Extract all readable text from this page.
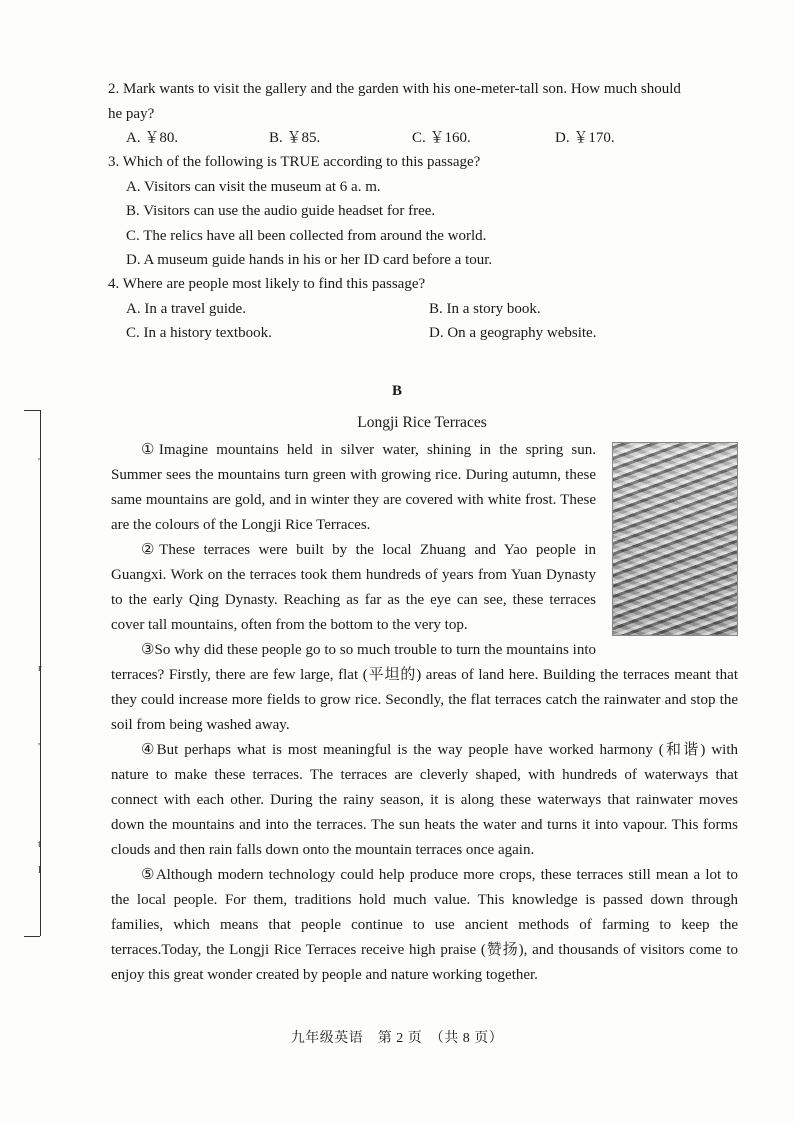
2. Mark wants to visit the gallery and the garden with his one-meter-tall son. How much should

he pay?

A. ￥80.	B. ￥85.	C. ￥160.	D. ￥170.

3. Which of the following is TRUE according to this passage?

A. Visitors can visit the museum at 6 a. m.
B. Visitors can use the audio guide headset for free.
C. The relics have all been collected from around the world.
D. A museum guide hands in his or her ID card before a tour.

4. Where are people most likely to find this passage?

A. In a travel guide.	B. In a story book.
C. In a history textbook.	D. On a geography website.
B
Longji Rice Terraces

①Imagine mountains held in silver water, shining in the spring sun. Summer sees the mountains turn green with growing rice. During autumn, these same mountains are gold, and in winter they are covered with white frost. These are the colours of the Longji Rice Terraces.

②These terraces were built by the local Zhuang and Yao people in Guangxi. Work on the terraces took them hundreds of years from Yuan Dynasty to the early Qing Dynasty. Reaching as far as the eye can see, these terraces cover tall mountains, often from the bottom to the very top.

③So why did these people go to so much trouble to turn the mountains into terraces? Firstly, there are few large, flat (平坦的) areas of land here. Building the terraces meant that they could increase more fields to grow rice. Secondly, the flat terraces catch the rainwater and stop the soil from being washed away.

④But perhaps what is most meaningful is the way people have worked harmony (和谐) with nature to make these terraces. The terraces are cleverly shaped, with hundreds of waterways that connect with each other. During the rainy season, it is along these waterways that rainwater moves down the mountains and into the terraces. The sun heats the water and turns it into vapour. This forms clouds and then rain falls down onto the mountain terraces once again.

⑤Although modern technology could help produce more crops, these terraces still mean a lot to the local people. For them, traditions hold much value. This knowledge is passed down through families, which means that people continue to use ancient methods of farming to keep the terraces.Today, the Longji Rice Terraces receive high praise (赞扬), and thousands of visitors come to enjoy this great wonder created by people and nature working together.

九年级英语　第 2 页　（共 8 页）
'
r
'
t
l
